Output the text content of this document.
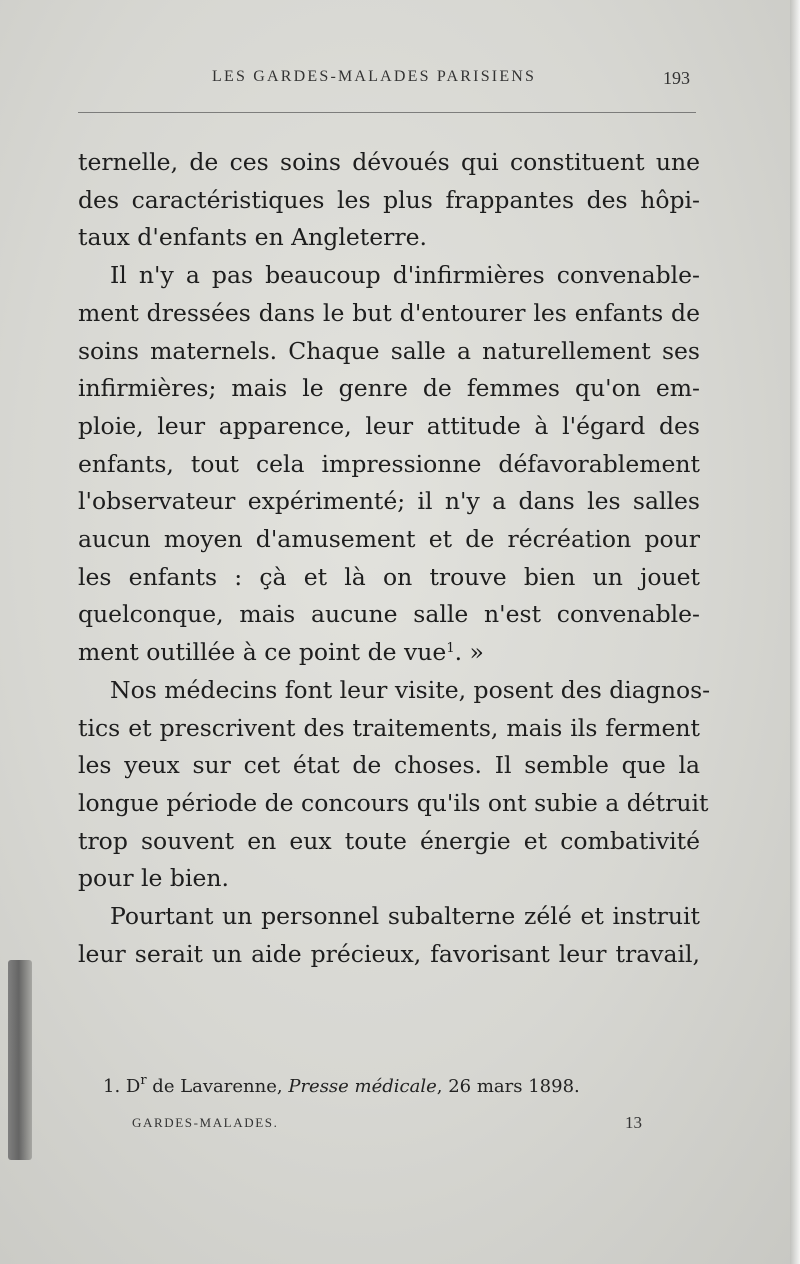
LES GARDES-MALADES PARISIENS	193

ternelle, de ces soins dévoués qui constituent une
des caractéristiques les plus frappantes des hôpi-
taux d'enfants en Angleterre.

Il n'y a pas beaucoup d'infirmières convenable-
ment dressées dans le but d'entourer les enfants de
soins maternels. Chaque salle a naturellement ses
infirmières; mais le genre de femmes qu'on em-
ploie, leur apparence, leur attitude à l'égard des
enfants, tout cela impressionne défavorablement
l'observateur expérimenté; il n'y a dans les salles
aucun moyen d'amusement et de récréation pour
les enfants : çà et là on trouve bien un jouet
quelconque, mais aucune salle n'est convenable-
ment outillée à ce point de vue$^1$. »

Nos médecins font leur visite, posent des diagnos-
tics et prescrivent des traitements, mais ils ferment
les yeux sur cet état de choses. Il semble que la
longue période de concours qu'ils ont subie a détruit
trop souvent en eux toute énergie et combativité
pour le bien.

Pourtant un personnel subalterne zélé et instruit
leur serait un aide précieux, favorisant leur travail,

1. $D^r$ de Lavarenne, Presse médicale, 26 mars 1898.
GARDES-MALADES.	13
